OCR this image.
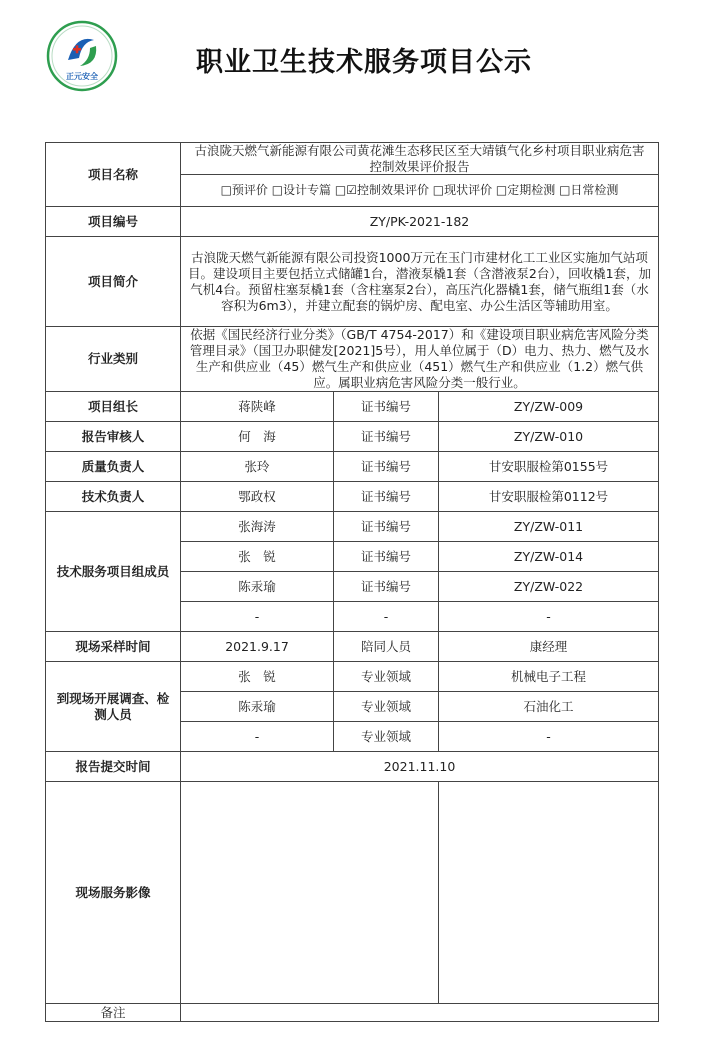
正元安全	职业卫生技术服务项目公示
项目名称	古浪陇天燃气新能源有限公司黄花滩生态移民区至大靖镇气化乡村项目职业病危害控制效果评价报告
□预评价 □设计专篇 □☑控制效果评价 □现状评价 □定期检测 □日常检测		

项目编号	ZY/PK-2021-182		
项目简介	古浪陇天燃气新能源有限公司投资1000万元在玉门市建材化工工业区实施加气站项目。建设项目主要包括立式储罐1台，潜液泵橇1套（含潜液泵2台），回收橇1套，加气机4台。预留柱塞泵橇1套（含柱塞泵2台），高压汽化器橇1套，储气瓶组1套（水容积为6m3），并建立配套的锅炉房、配电室、办公生活区等辅助用室。		
行业类别	依据《国民经济行业分类》（GB/T 4754-2017）和《建设项目职业病危害风险分类管理目录》（国卫办职健发[2021]5号），用人单位属于（D）电力、热力、燃气及水生产和供应业（45）燃气生产和供应业（451）燃气生产和供应业（1.2）燃气供应。属职业病危害风险分类一般行业。		
项目组长	蒋陕峰	证书编号	ZY/ZW-009
报告审核人	何　海	证书编号	ZY/ZW-010
质量负责人	张玲	证书编号	甘安职服检第0155号
技术负责人	鄂政权	证书编号	甘安职服检第0112号
技术服务项目组成员	张海涛	证书编号	ZY/ZW-011
	张　锐	证书编号	ZY/ZW-014
	陈汞瑜	证书编号	ZY/ZW-022
	-	-	-
现场采样时间	2021.9.17	陪同人员	康经理
到现场开展调查、检测人员	张　锐	专业领域	机械电子工程
	陈汞瑜	专业领域	石油化工
	-	专业领域	-
报告提交时间	2021.11.10		
现场服务影像			
备注			
